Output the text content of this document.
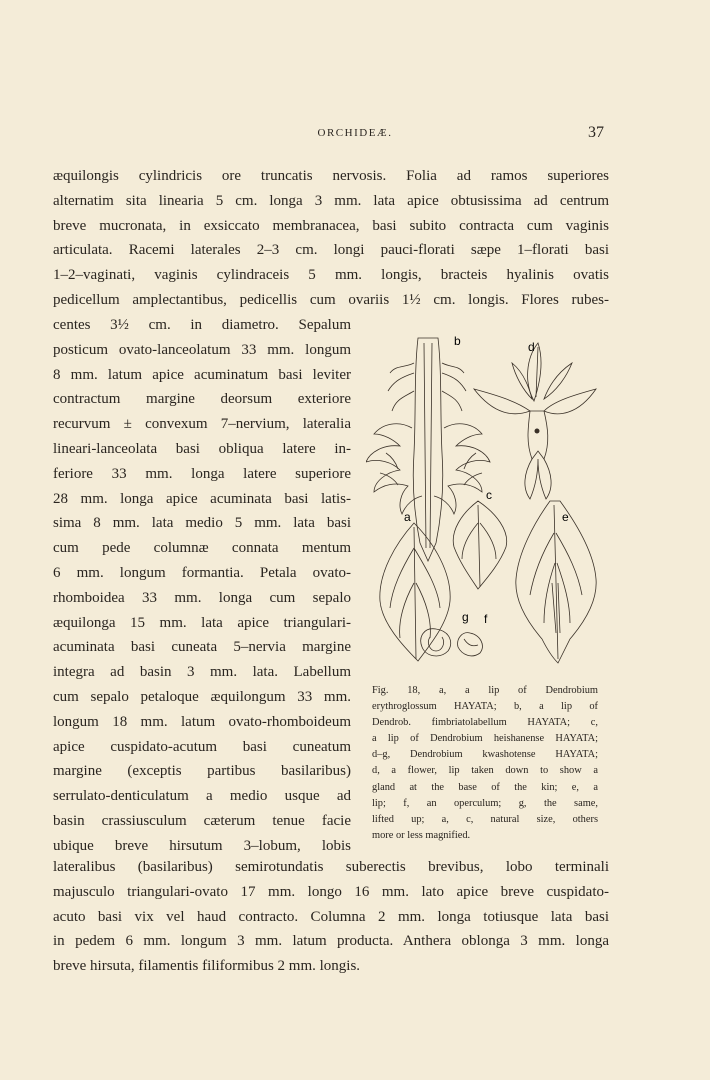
ORCHIDEÆ.	37
æquilongis cylindricis ore truncatis nervosis. Folia ad ramos superiores
alternatim sita linearia 5 cm. longa 3 mm. lata apice obtusissima ad centrum
breve mucronata, in exsiccato membranacea, basi subito contracta cum vaginis
articulata. Racemi laterales 2–3 cm. longi pauci-florati sæpe 1–florati basi
1–2–vaginati, vaginis cylindraceis 5 mm. longis, bracteis hyalinis ovatis
pedicellum amplectantibus, pedicellis cum ovariis 1½ cm. longis. Flores rubes-
centes 3½ cm. in diametro. Sepalum
posticum ovato-lanceolatum 33 mm. longum
8 mm. latum apice acuminatum basi leviter
contractum margine deorsum exteriore
recurvum ± convexum 7–nervium, lateralia
lineari-lanceolata basi obliqua latere in-
feriore 33 mm. longa latere superiore
28 mm. longa apice acuminata basi latis-
sima 8 mm. lata medio 5 mm. lata basi
cum pede columnæ connata mentum
6 mm. longum formantia. Petala ovato-
rhomboidea 33 mm. longa cum sepalo
æquilonga 15 mm. lata apice triangulari-
acuminata basi cuneata 5–nervia margine
integra ad basin 3 mm. lata. Labellum
cum sepalo petaloque æquilongum 33 mm.
longum 18 mm. latum ovato-rhomboideum
apice cuspidato-acutum basi cuneatum
margine (exceptis partibus basilaribus)
serrulato-denticulatum a medio usque ad
basin crassiusculum cæterum tenue facie
ubique breve hirsutum 3–lobum, lobis
b	d
a
c
e
g f
Fig. 18, a, a lip of Dendrobium
erythroglossum HAYATA; b, a lip of
Dendrob. fimbriatolabellum HAYATA; c,
a lip of Dendrobium heishanense HAYATA;
d–g, Dendrobium kwashotense HAYATA;
d, a flower, lip taken down to show a
gland at the base of the kin; e, a
lip; f, an operculum; g, the same,
lifted up; a, c, natural size, others
more or less magnified.
lateralibus (basilaribus) semirotundatis suberectis brevibus, lobo terminali
majusculo triangulari-ovato 17 mm. longo 16 mm. lato apice breve cuspidato-
acuto basi vix vel haud contracto. Columna 2 mm. longa totiusque lata basi
in pedem 6 mm. longum 3 mm. latum producta. Anthera oblonga 3 mm. longa
breve hirsuta, filamentis filiformibus 2 mm. longis.
